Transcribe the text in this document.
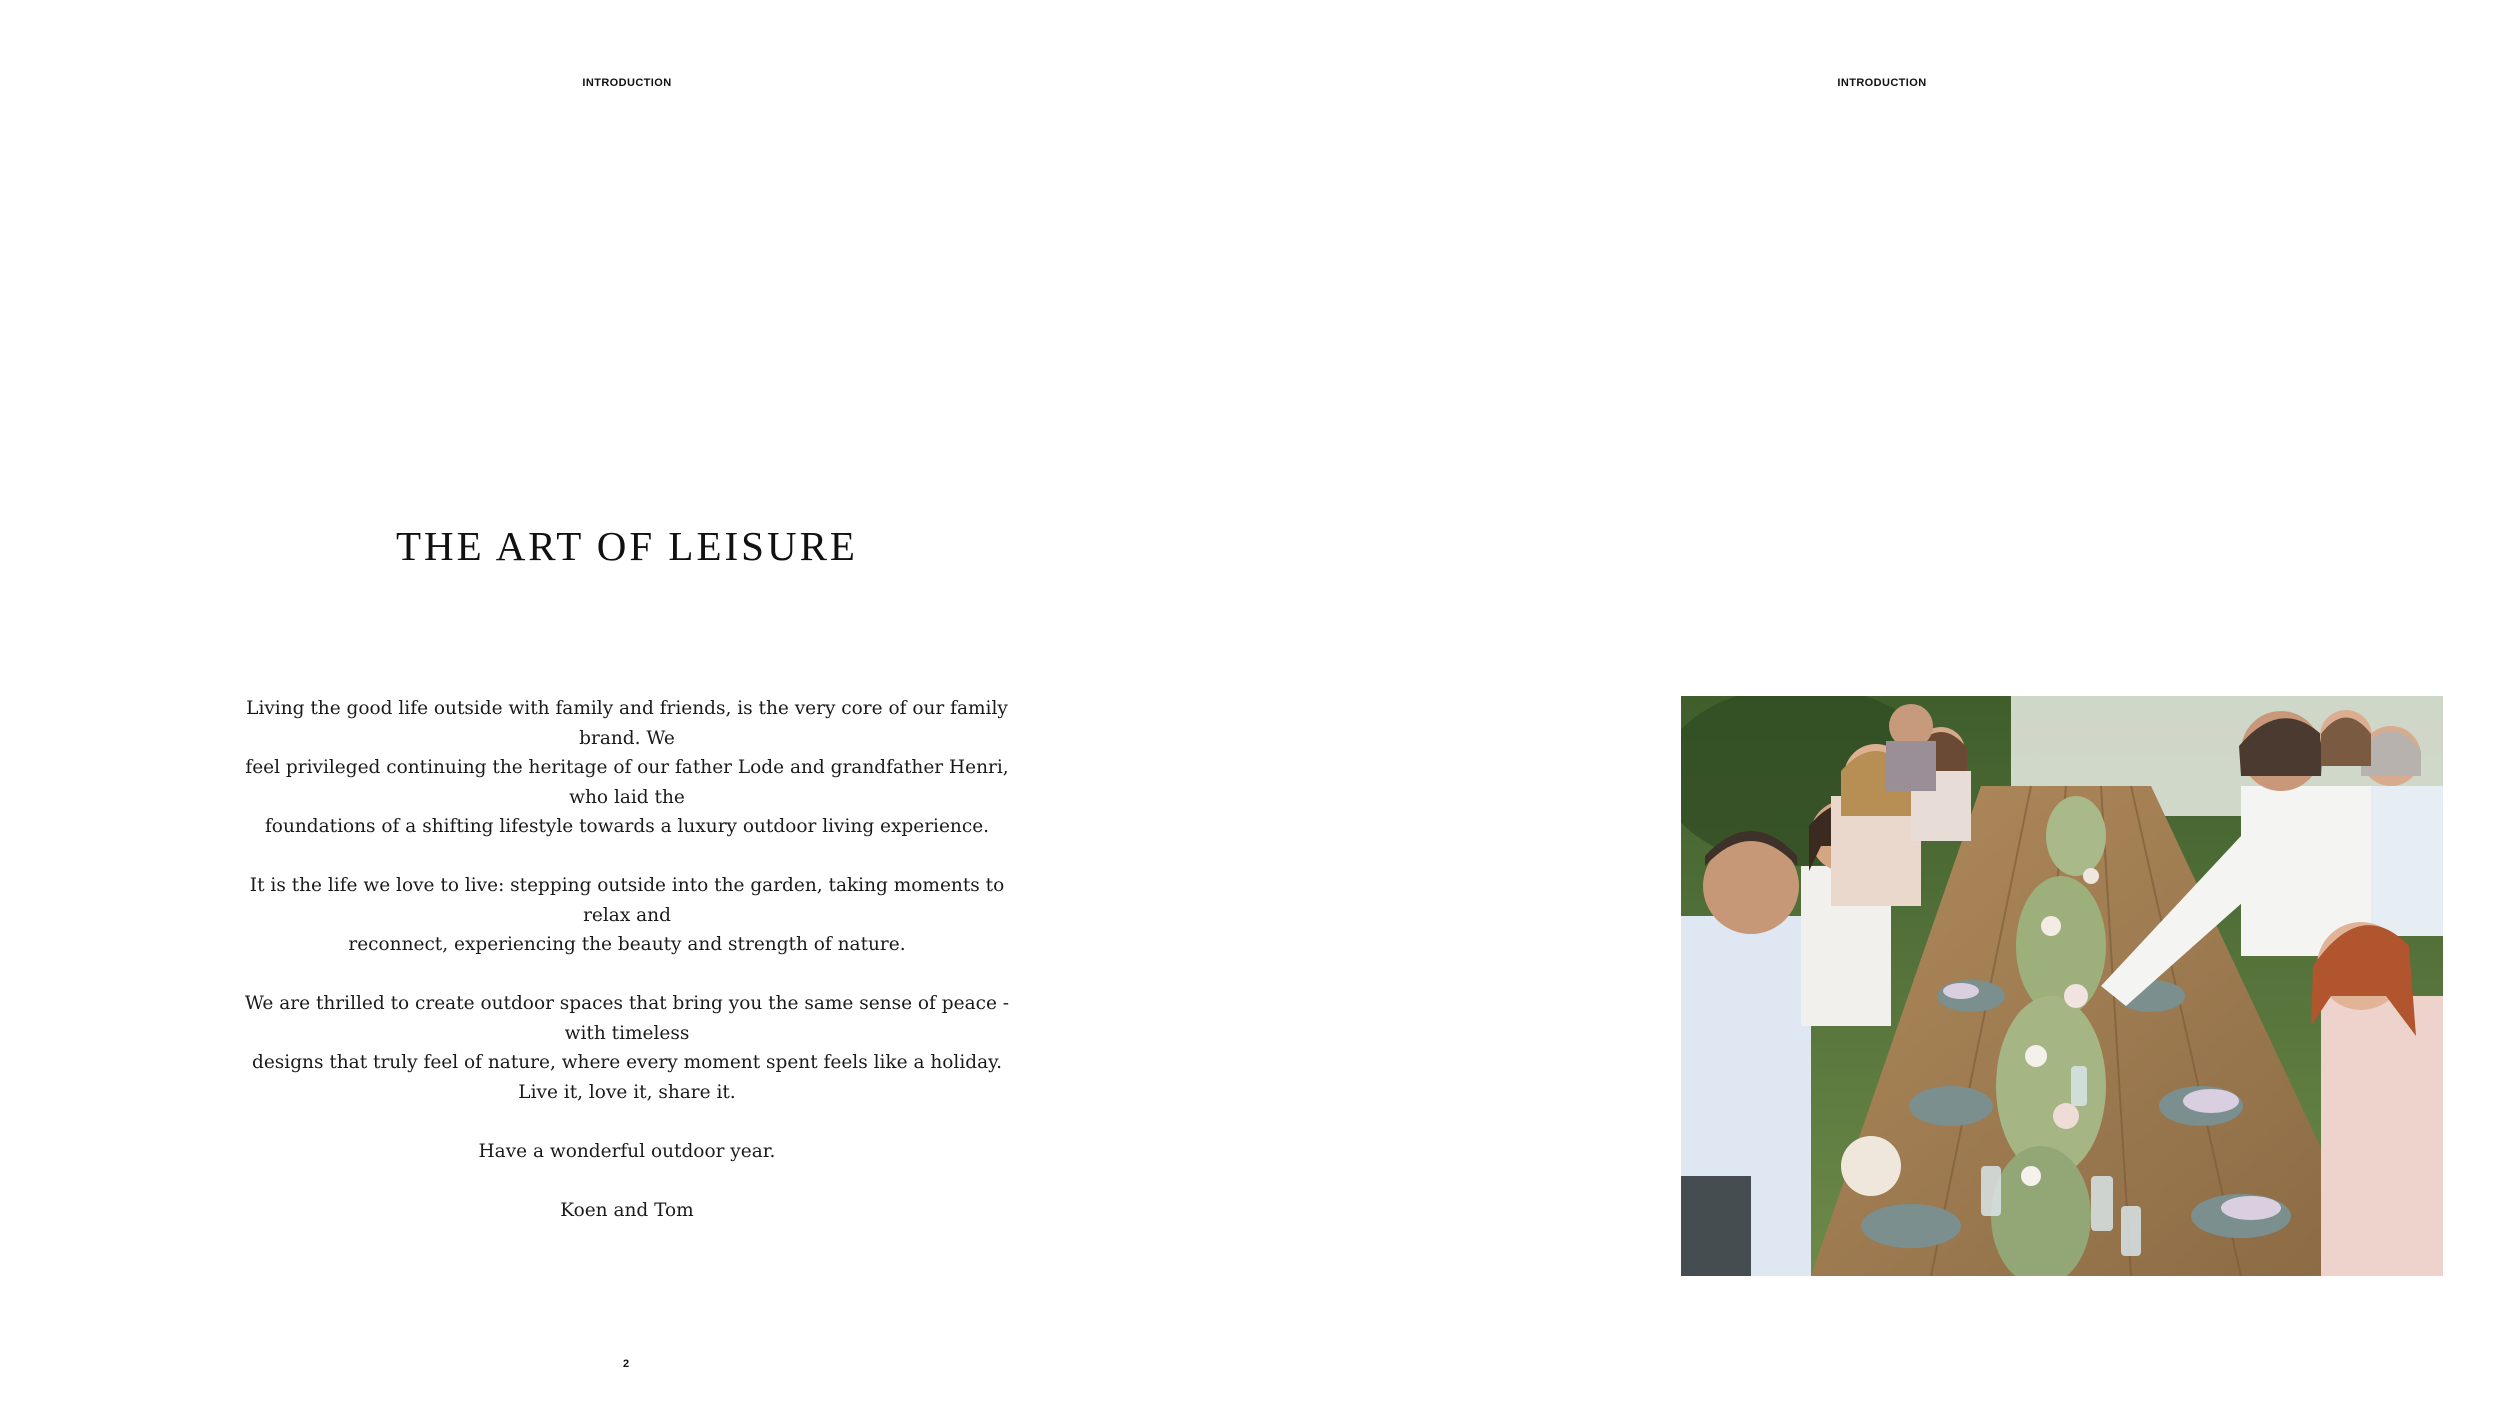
INTRODUCTION
THE ART OF LEISURE

Living the good life outside with family and friends, is the very core of our family brand. We
feel privileged continuing the heritage of our father Lode and grandfather Henri, who laid the
foundations of a shifting lifestyle towards a luxury outdoor living experience.

It is the life we love to live: stepping outside into the garden, taking moments to relax and
reconnect, experiencing the beauty and strength of nature.

We are thrilled to create outdoor spaces that bring you the same sense of peace - with timeless
designs that truly feel of nature, where every moment spent feels like a holiday.
Live it, love it, share it.

Have a wonderful outdoor year.

Koen and Tom

2
INTRODUCTION
